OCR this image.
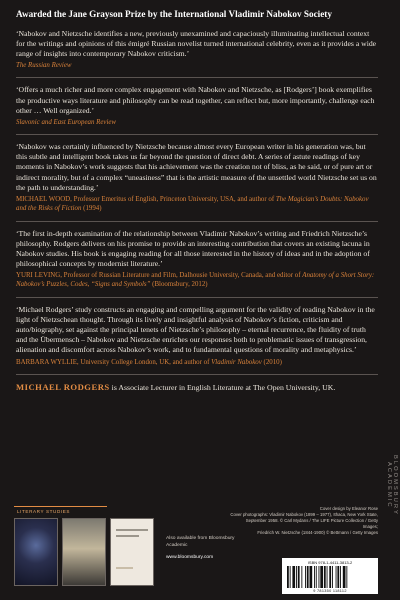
Awarded the Jane Grayson Prize by the International Vladimir Nabokov Society

‘Nabokov and Nietzsche identifies a new, previously unexamined and capaciously illuminating intellectual context for the writings and opinions of this émigré Russian novelist turned international celebrity, even as it provides a wide range of insights into contemporary Nabokov criticism.’

The Russian Review

‘Offers a much richer and more complex engagement with Nabokov and Nietzsche, as [Rodgers’] book exemplifies the productive ways literature and philosophy can be read together, can reflect but, more importantly, challenge each other … Well organized.’

Slavonic and East European Review

‘Nabokov was certainly influenced by Nietzsche because almost every European writer in his generation was, but this subtle and intelligent book takes us far beyond the question of direct debt. A series of astute readings of key moments in Nabokov’s work suggests that his achievement was the creation not of bliss, as he said, or of pure art or indirect morality, but of a complex “uneasiness” that is the artistic measure of the unsettled world Nietzsche set us on the path to understanding.’

MICHAEL WOOD, Professor Emeritus of English, Princeton University, USA, and author of The Magician’s Doubts: Nabokov and the Risks of Fiction (1994)

‘The first in-depth examination of the relationship between Vladimir Nabokov’s writing and Friedrich Nietzsche’s philosophy. Rodgers delivers on his promise to provide an interesting contribution that covers an existing lacuna in Nabokov studies. His book is engaging reading for all those interested in the history of ideas and in the adoption of philosophical concepts by modernist literature.’

YURI LEVING, Professor of Russian Literature and Film, Dalhousie University, Canada, and editor of Anatomy of a Short Story: Nabokov’s Puzzles, Codes, “Signs and Symbols” (Bloomsbury, 2012)

‘Michael Rodgers’ study constructs an engaging and compelling argument for the validity of reading Nabokov in the light of Nietzschean thought. Through its lively and insightful analysis of Nabokov’s fiction, criticism and auto/biography, set against the principal tenets of Nietzsche’s philosophy – eternal recurrence, the fluidity of truth and the Übermensch – Nabokov and Nietzsche enriches our responses both to problematic issues of transgression, alienation and discomfort across Nabokov’s work, and to fundamental questions of morality and metaphysics.’

BARBARA WYLLIE, University College London, UK, and author of Vladimir Nabokov (2010)

MICHAEL RODGERS is Associate Lecturer in English Literature at The Open University, UK.

BLOOMSBURY ACADEMIC
LITERARY STUDIES
Also available from Bloomsbury Academic
www.bloomsbury.com
Cover design by Eleanor Rose
Cover photographs: Vladimir Nabokov (1899 – 1977), Ithaca, New York State,
September 1958. © Carl Mydans / The LIFE Picture Collection / Getty Images;
Friedrich W. Nietzsche (1844-1900) © Bettmann / Getty Images
ISBN 978-1-4411-3813-2
9 781350 118112
